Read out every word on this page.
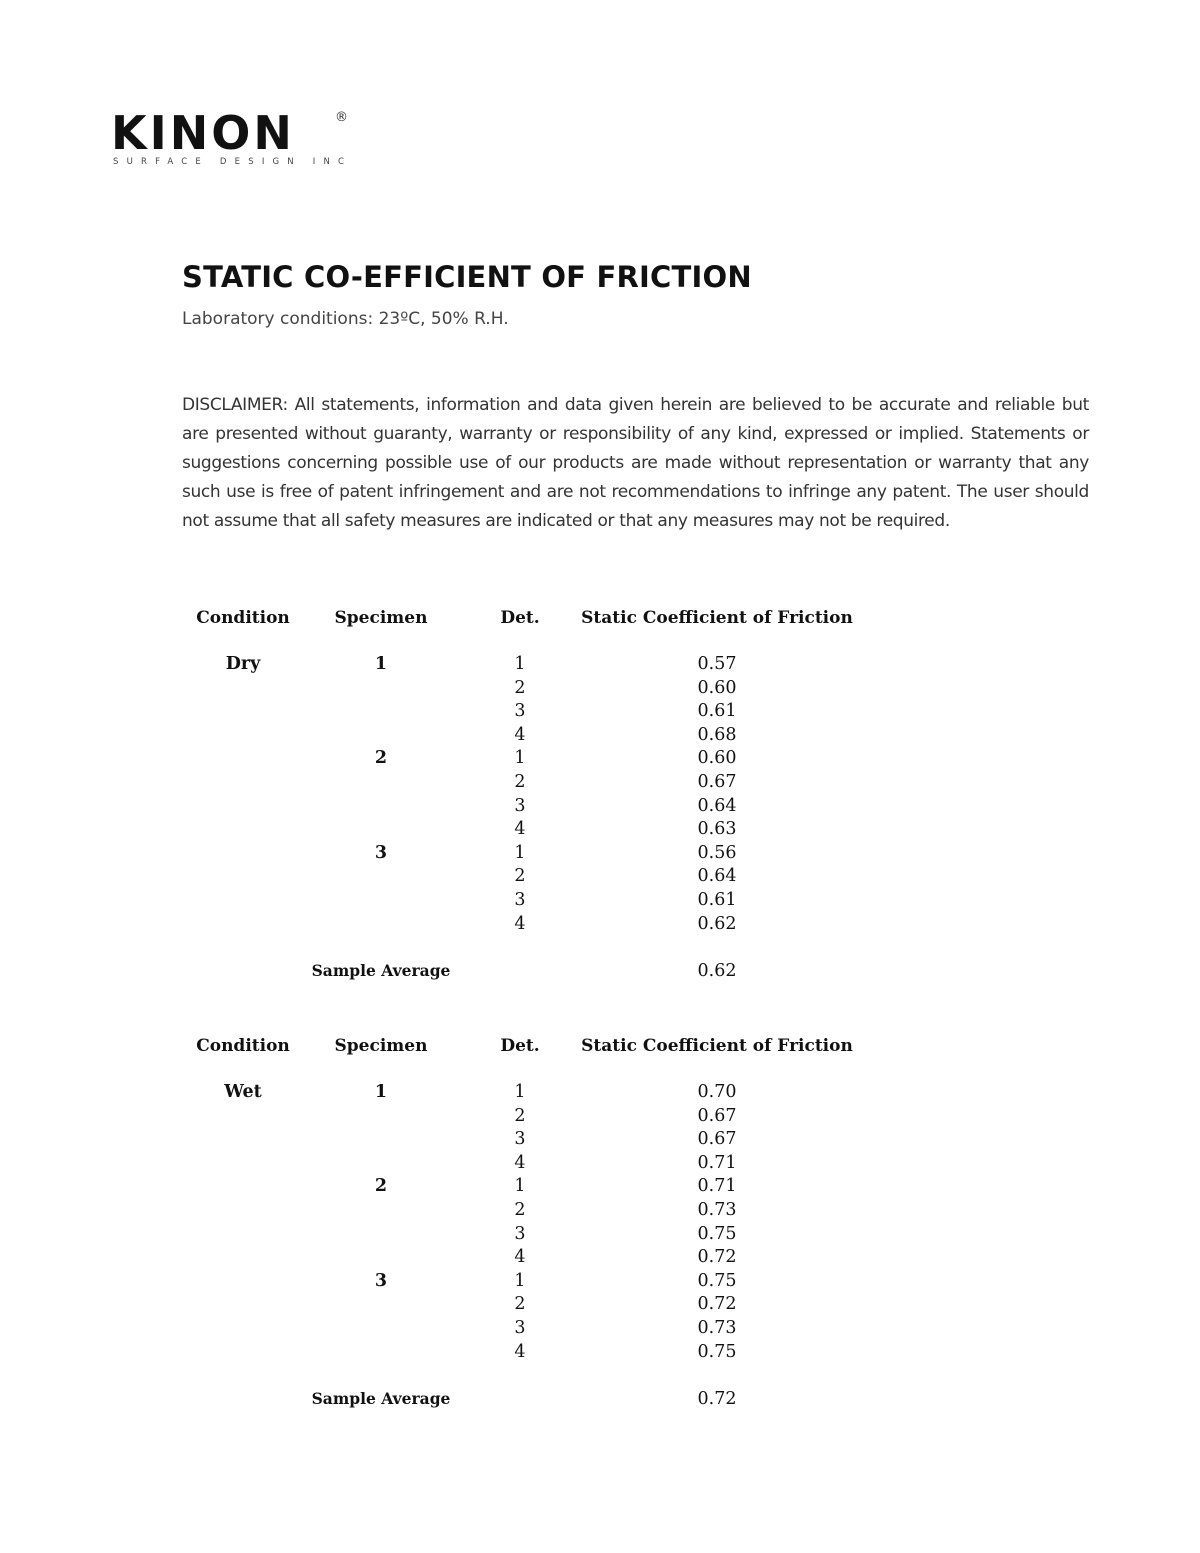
KINON	®
SURFACE DESIGN INC
STATIC CO-EFFICIENT OF FRICTION
Laboratory conditions: 23ºC, 50% R.H.

DISCLAIMER: All statements, information and data given herein are believed to be accurate and reliable but are presented without guaranty, warranty or responsibility of any kind, expressed or implied. Statements or suggestions concerning possible use of our products are made without representation or warranty that any such use is free of patent infringement and are not recommendations to infringe any patent. The user should not assume that all safety measures are indicated or that any measures may not be required.

Condition	Specimen	Det. Static Coefficient of Friction
Dry	1	1	0.57
2	0.60
3	0.61
4	0.68
2	1	0.60
2	0.67
3	0.64
4	0.63
3	1	0.56
2	0.64
3	0.61
4	0.62
Sample Average	0.62
Condition	Specimen	Det. Static Coefficient of Friction
Wet	1	1	0.70
2	0.67
3	0.67
4	0.71
2	1	0.71
2	0.73
3	0.75
4	0.72
3	1	0.75
2	0.72
3	0.73
4	0.75
Sample Average	0.72
